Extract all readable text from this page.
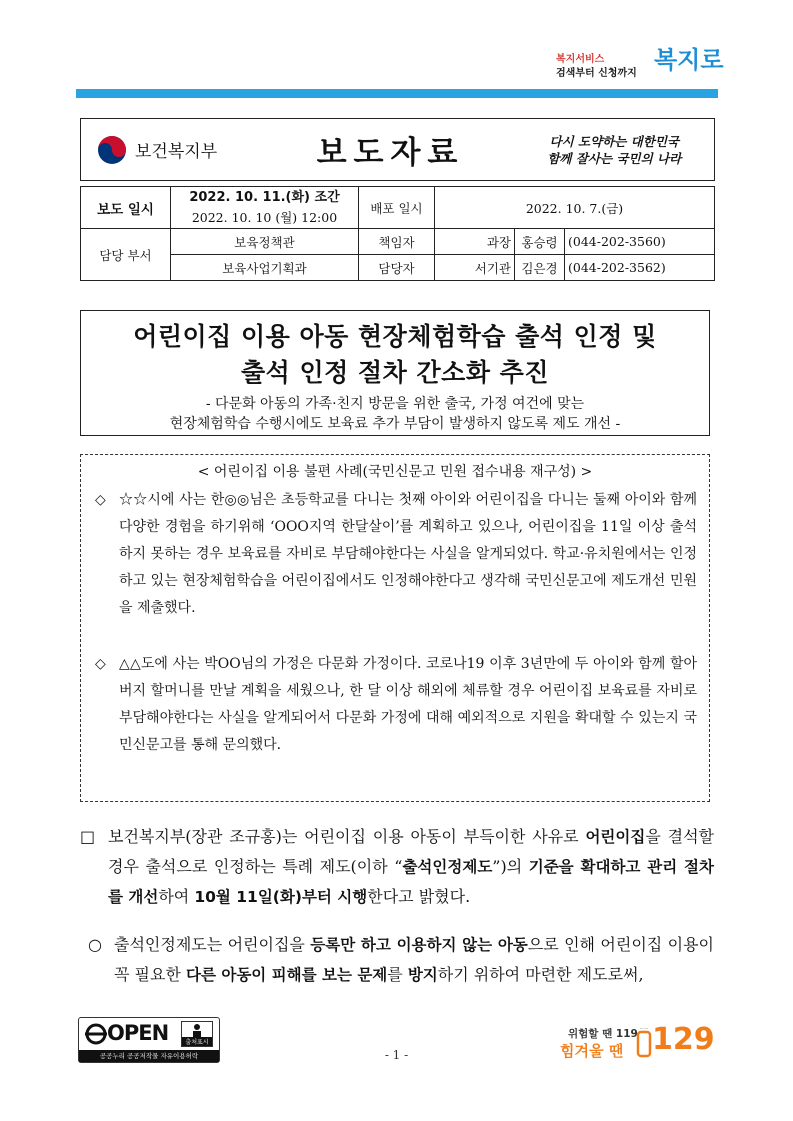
복지서비스
검색부터 신청까지 복지로
보건복지부		보도자료			다시 도약하는 대한민국
함께 잘사는 국민의 나라	

보도 일시	2022. 10. 11.(화) 조간
2022. 10. 10 (월) 12:00		배포 일시	2022. 10. 7.(금)		
담당 부서	보육정책관		책임자	과장	홍승령	(044-202-3560)
	보육사업기획과		담당자	서기관	김은경	(044-202-3562)
어린이집 이용 아동 현장체험학습 출석 인정 및
출석 인정 절차 간소화 추진
- 다문화 아동의 가족·친지 방문을 위한 출국, 가정 여건에 맞는
현장체험학습 수행시에도 보육료 추가 부담이 발생하지 않도록 제도 개선 -
< 어린이집 이용 불편 사례(국민신문고 민원 접수내용 재구성) >
◇ ☆☆시에 사는 한◎◎님은 초등학교를 다니는 첫째 아이와 어린이집을 다니는 둘째 아이와 함께 다양한 경험을 하기위해 ‘OOO지역 한달살이’를 계획하고 있으나, 어린이집을 11일 이상 출석하지 못하는 경우 보육료를 자비로 부담해야한다는 사실을 알게되었다. 학교·유치원에서는 인정하고 있는 현장체험학습을 어린이집에서도 인정해야한다고 생각해 국민신문고에 제도개선 민원을 제출했다.
◇ △△도에 사는 박OO님의 가정은 다문화 가정이다. 코로나19 이후 3년만에 두 아이와 함께 할아버지 할머니를 만날 계획을 세웠으나, 한 달 이상 해외에 체류할 경우 어린이집 보육료를 자비로 부담해야한다는 사실을 알게되어서 다문화 가정에 대해 예외적으로 지원을 확대할 수 있는지 국민신문고를 통해 문의했다.
□ 보건복지부(장관 조규홍)는 어린이집 이용 아동이 부득이한 사유로 어린이집을 결석할 경우 출석으로 인정하는 특례 제도(이하 “출석인정제도”)의 기준을 확대하고 관리 절차를 개선하여 10월 11일(화)부터 시행한다고 밝혔다.
○ 출석인정제도는 어린이집을 등록만 하고 이용하지 않는 아동으로 인해 어린이집 이용이 꼭 필요한 다른 아동이 피해를 보는 문제를 방지하기 위하여 마련한 제도로써,
OPEN	출처표시
공공누리 공공저작물 자유이용허락	- 1 -
위험할 땐 119
힘겨울 땐 129
